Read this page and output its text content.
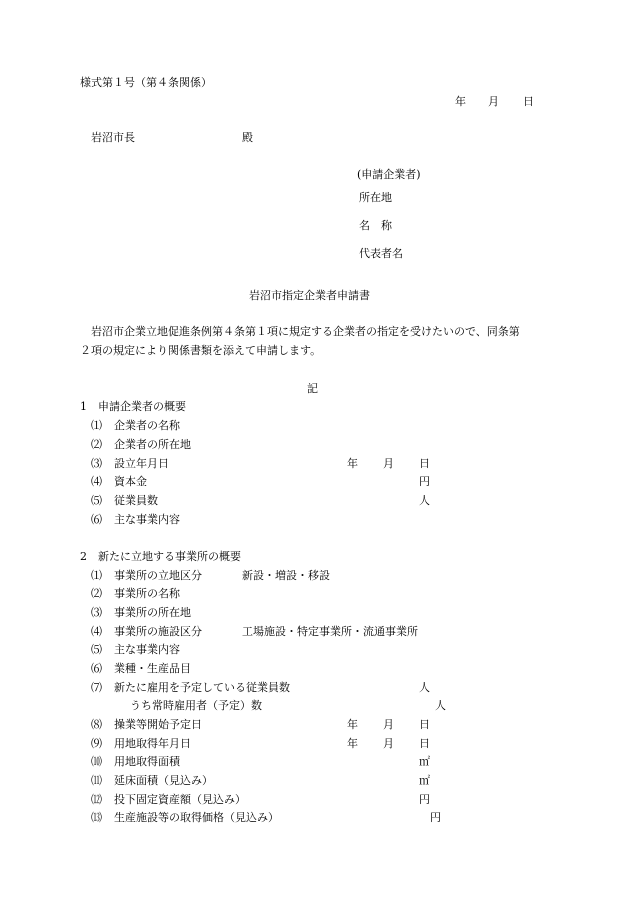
様式第１号（第４条関係）
年 月 日
岩沼市長	殿
(申請企業者)
所在地
名　称
代表者名
岩沼市指定企業者申請書
岩沼市企業立地促進条例第４条第１項に規定する企業者の指定を受けたいので、同条第
２項の規定により関係書類を添えて申請します。
記
1　申請企業者の概要
⑴ 企業者の名称
⑵ 企業者の所在地
⑶ 設立年月日	年 月 日
⑷ 資本金	円
⑸ 従業員数	人
⑹ 主な事業内容
2　新たに立地する事業所の概要
⑴ 事業所の立地区分	新設・増設・移設
⑵ 事業所の名称
⑶ 事業所の所在地
⑷ 事業所の施設区分	工場施設・特定事業所・流通事業所
⑸ 主な事業内容
⑹ 業種・生産品目
⑺ 新たに雇用を予定している従業員数	人
うち常時雇用者（予定）数	人
⑻ 操業等開始予定日	年 月 日
⑼ 用地取得年月日	年 月 日
⑽ 用地取得面積	㎡
⑾ 延床面積（見込み）	㎡
⑿ 投下固定資産額（見込み）	円
⒀ 生産施設等の取得価格（見込み）	円
